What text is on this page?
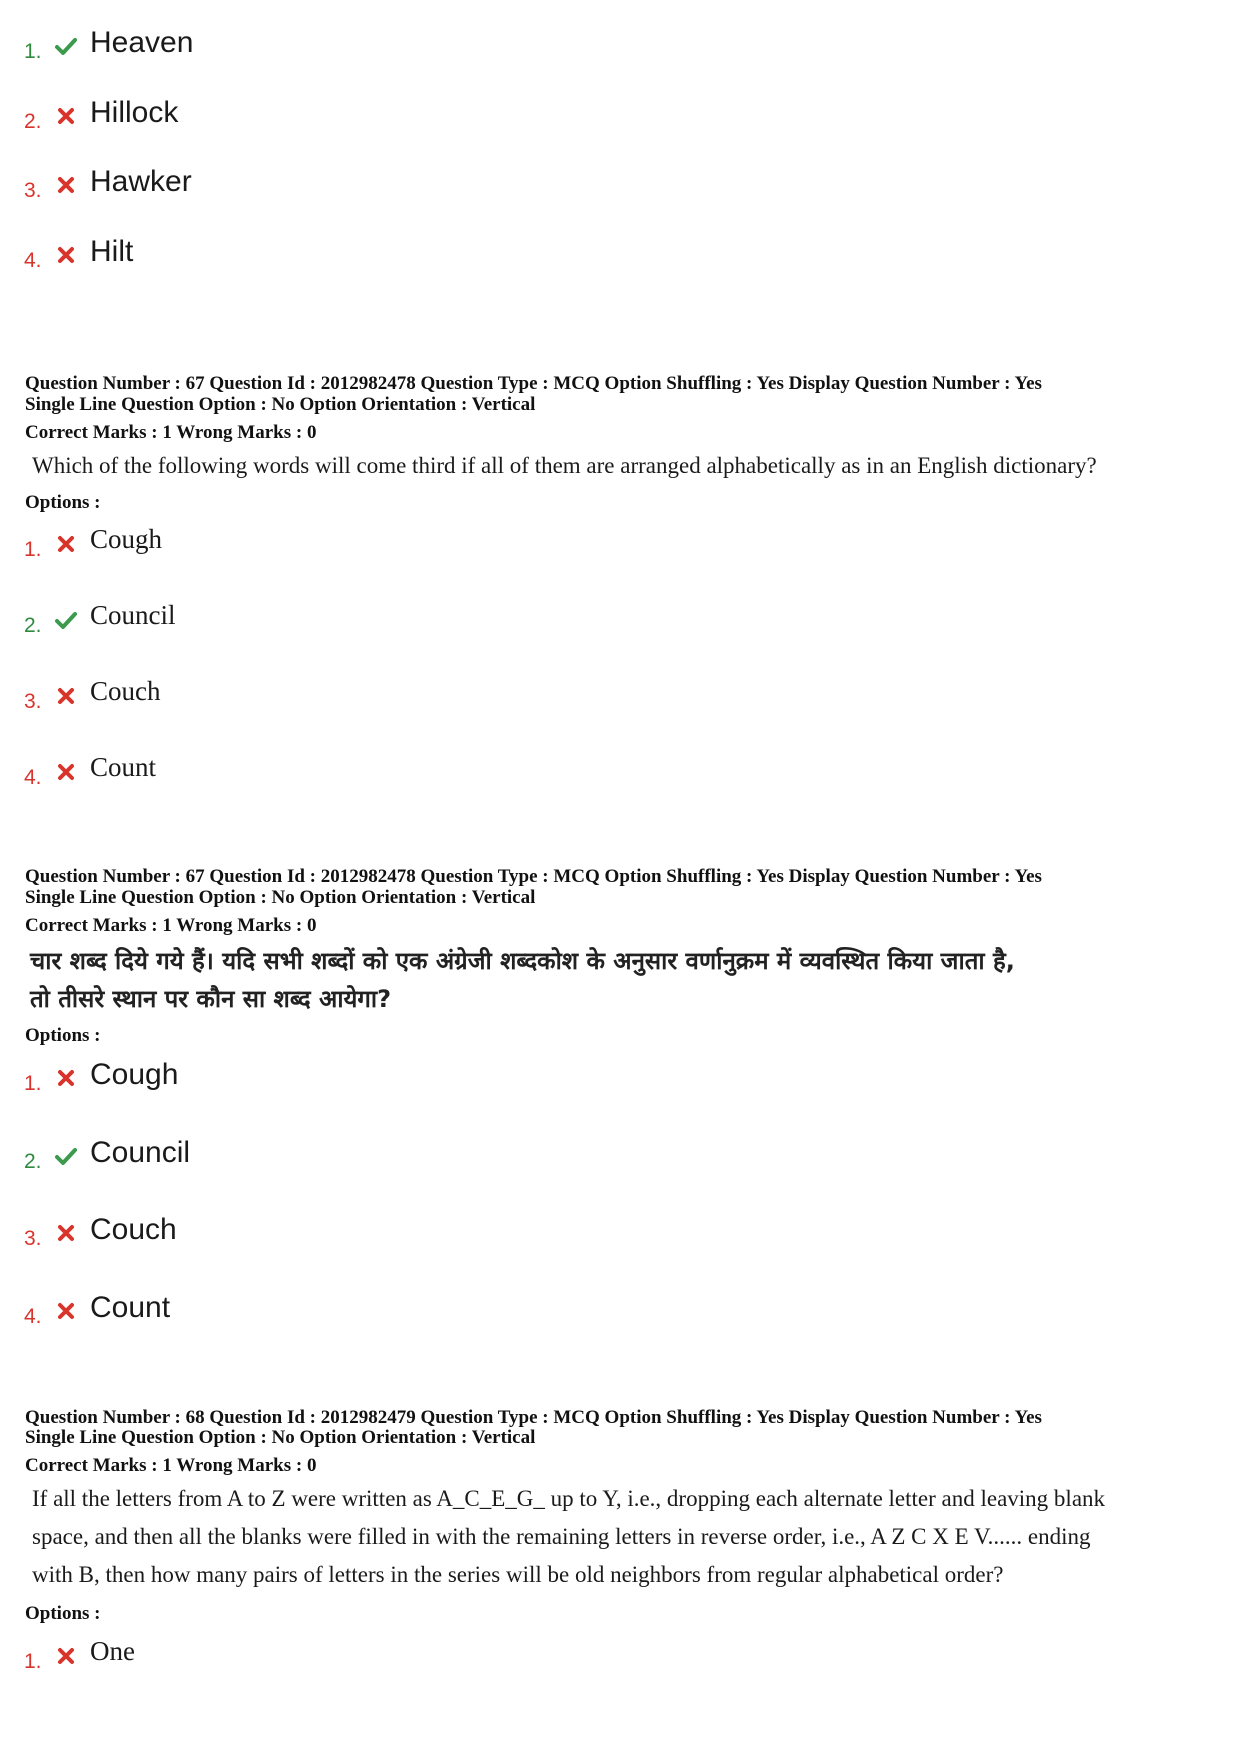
1. Heaven
2. Hillock
3. Hawker
4. Hilt
Question Number : 67 Question Id : 2012982478 Question Type : MCQ Option Shuffling : Yes Display Question Number : Yes
Single Line Question Option : No Option Orientation : Vertical
Correct Marks : 1 Wrong Marks : 0
Which of the following words will come third if all of them are arranged alphabetically as in an English dictionary?
Options :
1. Cough
2. Council
3. Couch
4. Count
Question Number : 67 Question Id : 2012982478 Question Type : MCQ Option Shuffling : Yes Display Question Number : Yes
Single Line Question Option : No Option Orientation : Vertical
Correct Marks : 1 Wrong Marks : 0
चार शब्द दिये गये हैं। यदि सभी शब्दों को एक अंग्रेजी शब्दकोश के अनुसार वर्णानुक्रम में व्यवस्थित किया जाता है,
तो तीसरे स्थान पर कौन सा शब्द आयेगा?
Options :
1. Cough
2. Council
3. Couch
4. Count
Question Number : 68 Question Id : 2012982479 Question Type : MCQ Option Shuffling : Yes Display Question Number : Yes
Single Line Question Option : No Option Orientation : Vertical
Correct Marks : 1 Wrong Marks : 0
If all the letters from A to Z were written as A_C_E_G_ up to Y, i.e., dropping each alternate letter and leaving blank
space, and then all the blanks were filled in with the remaining letters in reverse order, i.e., A Z C X E V...... ending
with B, then how many pairs of letters in the series will be old neighbors from regular alphabetical order?
Options :
1. One
